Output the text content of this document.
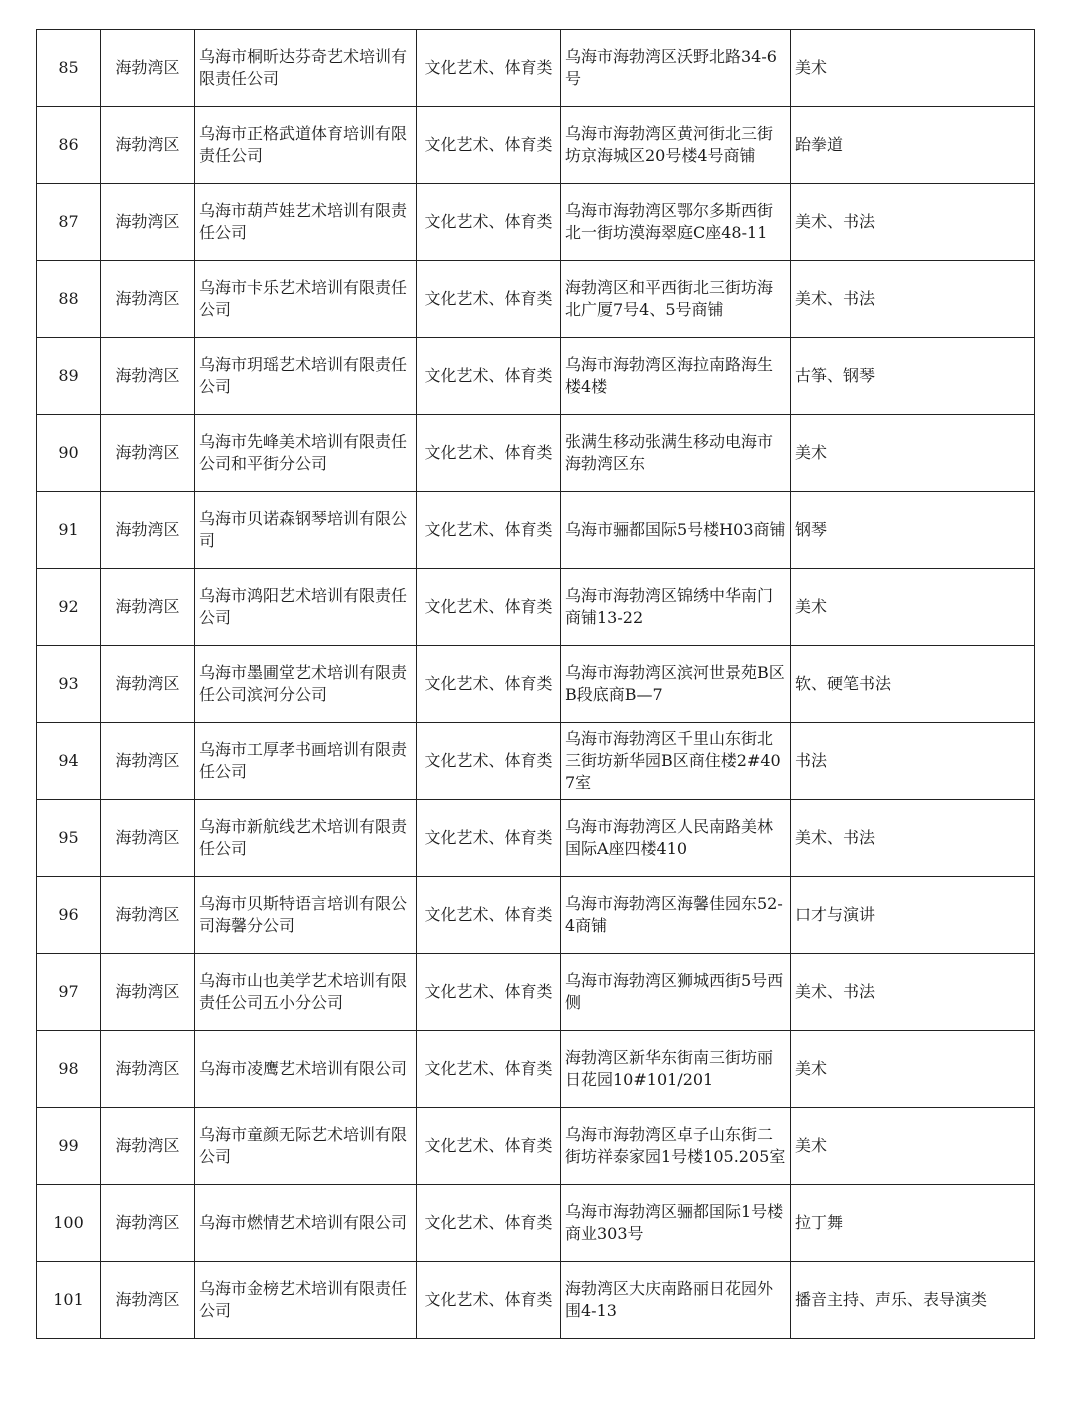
85	海勃湾区	乌海市桐昕达芬奇艺术培训有限责任公司	文化艺术、体育类	乌海市海勃湾区沃野北路34-6号	美术
86	海勃湾区	乌海市正格武道体育培训有限责任公司	文化艺术、体育类	乌海市海勃湾区黄河街北三街坊京海城区20号楼4号商铺	跆拳道
87	海勃湾区	乌海市葫芦娃艺术培训有限责任公司	文化艺术、体育类	乌海市海勃湾区鄂尔多斯西街北一街坊漠海翠庭C座48-11	美术、书法
88	海勃湾区	乌海市卡乐艺术培训有限责任公司	文化艺术、体育类	海勃湾区和平西街北三街坊海北广厦7号4、5号商铺	美术、书法
89	海勃湾区	乌海市玥瑶艺术培训有限责任公司	文化艺术、体育类	乌海市海勃湾区海拉南路海生楼4楼	古筝、钢琴
90	海勃湾区	乌海市先峰美术培训有限责任公司和平街分公司	文化艺术、体育类	张满生移动张满生移动电海市海勃湾区东	美术
91	海勃湾区	乌海市贝诺森钢琴培训有限公司	文化艺术、体育类	乌海市骊都国际5号楼H03商铺	钢琴
92	海勃湾区	乌海市鸿阳艺术培训有限责任公司	文化艺术、体育类	乌海市海勃湾区锦绣中华南门商铺13-22	美术
93	海勃湾区	乌海市墨圃堂艺术培训有限责任公司滨河分公司	文化艺术、体育类	乌海市海勃湾区滨河世景苑B区B段底商B—7	软、硬笔书法
94	海勃湾区	乌海市工厚孝书画培训有限责任公司	文化艺术、体育类	乌海市海勃湾区千里山东街北三街坊新华园B区商住楼2#407室	书法
95	海勃湾区	乌海市新航线艺术培训有限责任公司	文化艺术、体育类	乌海市海勃湾区人民南路美林国际A座四楼410	美术、书法
96	海勃湾区	乌海市贝斯特语言培训有限公司海馨分公司	文化艺术、体育类	乌海市海勃湾区海馨佳园东52-4商铺	口才与演讲
97	海勃湾区	乌海市山也美学艺术培训有限责任公司五小分公司	文化艺术、体育类	乌海市海勃湾区狮城西街5号西侧	美术、书法
98	海勃湾区	乌海市凌鹰艺术培训有限公司	文化艺术、体育类	海勃湾区新华东街南三街坊丽日花园10#101/201	美术
99	海勃湾区	乌海市童颜无际艺术培训有限公司	文化艺术、体育类	乌海市海勃湾区卓子山东街二街坊祥泰家园1号楼105.205室	美术
100	海勃湾区	乌海市燃情艺术培训有限公司	文化艺术、体育类	乌海市海勃湾区骊都国际1号楼商业303号	拉丁舞
101	海勃湾区	乌海市金榜艺术培训有限责任公司	文化艺术、体育类	海勃湾区大庆南路丽日花园外围4-13	播音主持、声乐、表导演类
